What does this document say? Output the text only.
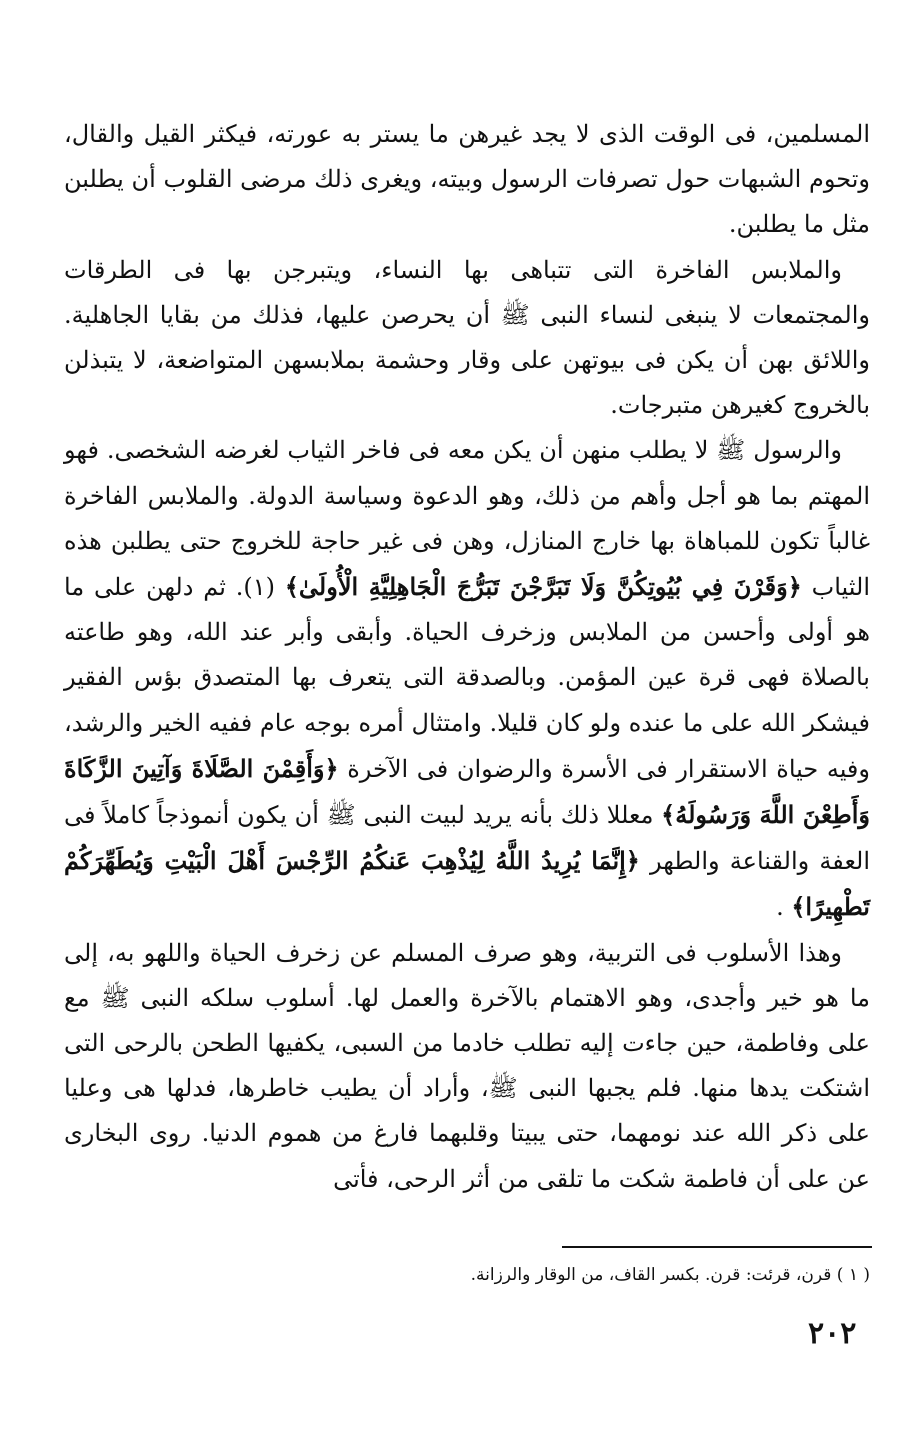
المسلمين، فى الوقت الذى لا يجد غيرهن ما يستر به عورته، فيكثر القيل والقال، وتحوم الشبهات حول تصرفات الرسول وبيته، ويغرى ذلك مرضى القلوب أن يطلبن مثل ما يطلبن.

والملابس الفاخرة التى تتباهى بها النساء، ويتبرجن بها فى الطرقات والمجتمعات لا ينبغى لنساء النبى ﷺ أن يحرصن عليها، فذلك من بقايا الجاهلية. واللائق بهن أن يكن فى بيوتهن على وقار وحشمة بملابسهن المتواضعة، لا يتبذلن بالخروج كغيرهن متبرجات.

والرسول ﷺ لا يطلب منهن أن يكن معه فى فاخر الثياب لغرضه الشخصى. فهو المهتم بما هو أجل وأهم من ذلك، وهو الدعوة وسياسة الدولة. والملابس الفاخرة غالباً تكون للمباهاة بها خارج المنازل، وهن فى غير حاجة للخروج حتى يطلبن هذه الثياب ﴿وَقَرْنَ فِي بُيُوتِكُنَّ وَلَا تَبَرَّجْنَ تَبَرُّجَ الْجَاهِلِيَّةِ الْأُولَىٰ﴾ (١). ثم دلهن على ما هو أولى وأحسن من الملابس وزخرف الحياة. وأبقى وأبر عند الله، وهو طاعته بالصلاة فهى قرة عين المؤمن. وبالصدقة التى يتعرف بها المتصدق بؤس الفقير فيشكر الله على ما عنده ولو كان قليلا. وامتثال أمره بوجه عام ففيه الخير والرشد، وفيه حياة الاستقرار فى الأسرة والرضوان فى الآخرة ﴿وَأَقِمْنَ الصَّلَاةَ وَآتِينَ الزَّكَاةَ وَأَطِعْنَ اللَّهَ وَرَسُولَهُ﴾ معللا ذلك بأنه يريد لبيت النبى ﷺ أن يكون أنموذجاً كاملاً فى العفة والقناعة والطهر ﴿إِنَّمَا يُرِيدُ اللَّهُ لِيُذْهِبَ عَنكُمُ الرِّجْسَ أَهْلَ الْبَيْتِ وَيُطَهِّرَكُمْ تَطْهِيرًا﴾ .

وهذا الأسلوب فى التربية، وهو صرف المسلم عن زخرف الحياة واللهو به، إلى ما هو خير وأجدى، وهو الاهتمام بالآخرة والعمل لها. أسلوب سلكه النبى ﷺ مع على وفاطمة، حين جاءت إليه تطلب خادما من السبى، يكفيها الطحن بالرحى التى اشتكت يدها منها. فلم يجبها النبى ﷺ، وأراد أن يطيب خاطرها، فدلها هى وعليا على ذكر الله عند نومهما، حتى يبيتا وقلبهما فارغ من هموم الدنيا. روى البخارى عن على أن فاطمة شكت ما تلقى من أثر الرحى، فأتى

( ١ ) قرن، قرئت: قرن. بكسر القاف، من الوقار والرزانة.

٢٠٢
